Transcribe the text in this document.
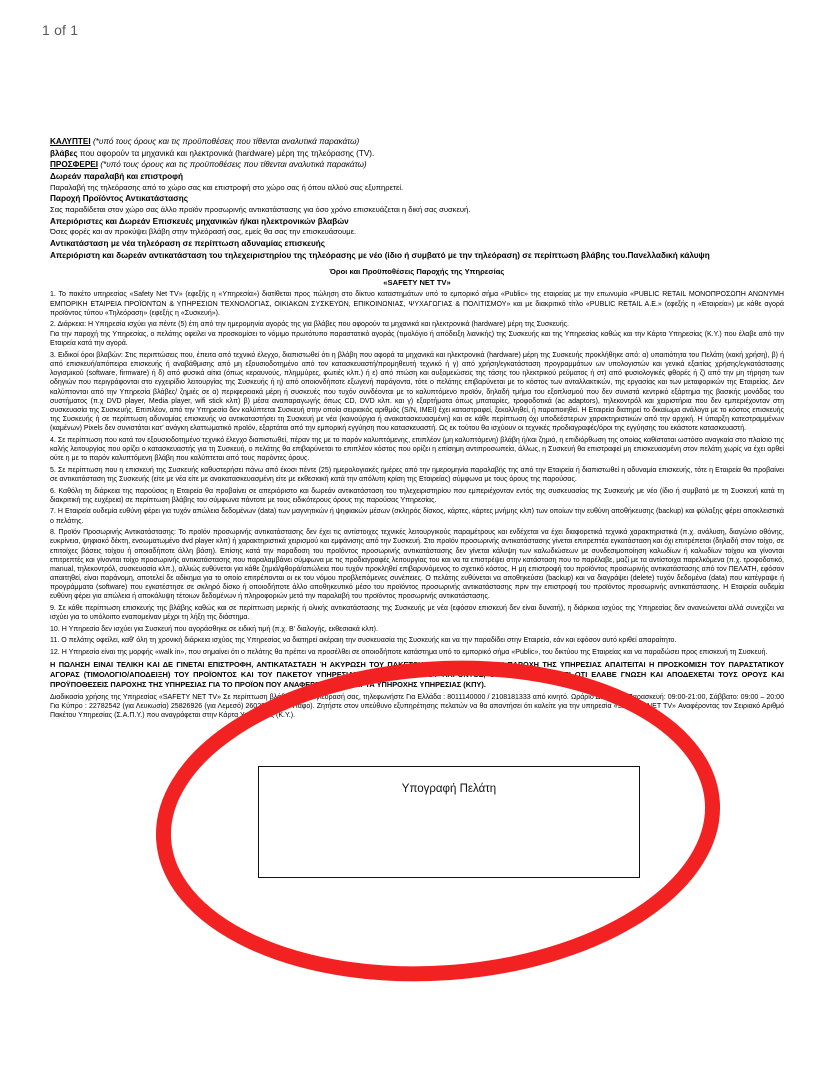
1 of 1
ΚΑΛΥΠΤΕΙ (*υπό τους όρους και τις προϋποθέσεις που τίθενται αναλυτικά παρακάτω)
βλάβες που αφορούν τα μηχανικά και ηλεκτρονικά (hardware) μέρη της τηλεόρασης (TV).
ΠΡΟΣΦΕΡΕΙ (*υπό τους όρους και τις προϋποθέσεις που τίθενται αναλυτικά παρακάτω)
Δωρεάν παραλαβή και επιστροφή
Παραλαβή της τηλεόρασης από το χώρο σας και επιστροφή στο χώρο σας ή όπου αλλού σας εξυπηρετεί.
Παροχή Προϊόντος Αντικατάστασης
Σας παραδίδεται στον χώρο σας άλλο προϊόν προσωρινής αντικατάστασης για όσο χρόνο επισκευάζεται η δική σας συσκευή.
Απεριόριστες και Δωρεάν Επισκευές μηχανικών ή/και ηλεκτρονικών βλαβών
Όσες φορές και αν προκύψει βλάβη στην τηλεόρασή σας, εμείς θα σας την επισκευάσουμε.
Αντικατάσταση με νέα τηλεόραση σε περίπτωση αδυναμίας επισκευής
Απεριόριστη και δωρεάν αντικατάσταση του τηλεχειριστηρίου της τηλεόρασης με νέο (ίδιο ή συμβατό με την τηλεόραση) σε περίπτωση βλάβης του.Πανελλαδική κάλυψη
Όροι και Προϋποθέσεις Παροχής της Υπηρεσίας
«SAFETY NET TV»
1. Το πακέτο υπηρεσίας «Safety Net TV» (εφεξής η «Υπηρεσία») διατίθεται προς πώληση στο δίκτυο καταστημάτων υπό το εμπορικό σήμα «Public» της εταιρείας με την επωνυμία «PUBLIC RETAIL ΜΟΝΟΠΡΟΣΩΠΗ ΑΝΩΝΥΜΗ ΕΜΠΟΡΙΚΗ ΕΤΑΙΡΕΙΑ ΠΡΟΪΟΝΤΩΝ & ΥΠΗΡΕΣΙΩΝ ΤΕΧΝΟΛΟΓΙΑΣ, ΟΙΚΙΑΚΩΝ ΣΥΣΚΕΥΩΝ, ΕΠΙΚΟΙΝΩΝΙΑΣ, ΨΥΧΑΓΩΓΙΑΣ & ΠΟΛΙΤΙΣΜΟΥ» και με διακριτικό τίτλο «PUBLIC RETAIL A.E.» (εφεξής η «Εταιρεία») με κάθε αγορά προϊόντος τύπου «Τηλεόραση» (εφεξής η «Συσκευή»).
2. Διάρκεια: Η Υπηρεσία ισχύει για πέντε (5) έτη από την ημερομηνία αγοράς της για βλάβες που αφορούν τα μηχανικά και ηλεκτρονικά (hardware) μέρη της Συσκευής.
Για την παροχή της Υπηρεσίας, ο πελάτης οφείλει να προσκομίσει το νόμιμο πρωτότυπο παραστατικό αγοράς (τιμολόγιο ή απόδειξη λιανικής) της Συσκευής και της Υπηρεσίας καθώς και την Κάρτα Υπηρεσίας (Κ.Υ.) που έλαβε από την Εταιρεία κατά την αγορά.
3. Ειδικοί όροι βλαβών: Στις περιπτώσεις που, έπειτα από τεχνικό έλεγχο, διαπιστωθεί ότι η βλάβη που αφορά τα μηχανικά και ηλεκτρονικά (hardware) μέρη της Συσκευής προκλήθηκε από: α) υπαιτιότητα του Πελάτη (κακή χρήση), β) ή από επισκευή/απόπειρα επισκευής ή αναβάθμισης από μη εξουσιοδοτημένο από τον κατασκευαστή/προμηθευτή τεχνικό ή γ) από χρήση/εγκατάσταση προγραμμάτων ων υπολογιστών και γενικά εξαιτίας χρήσης/εγκατάστασης λογισμικού (software, firmware) ή δ) από φυσικά αίτια (όπως κεραυνούς, πλημμύρες, φωτιές κλπ.) ή ε) από πτώση και αυξομειώσεις της τάσης του ηλεκτρικού ρεύματος ή στ) από φυσιολογικές φθορές ή ζ) από την μη τήρηση των οδηγιών που περιγράφονται στο εγχειρίδιο λειτουργίας της Συσκευής ή η) από οποιονδήποτε εξωγενή παράγοντα, τότε ο πελάτης επιβαρύνεται με το κόστος των ανταλλακτικών, της εργασίας και των μεταφορικών της Εταιρείας. Δεν καλύπτονται από την Υπηρεσία βλάβες/ ζημιές σε α) περιφερειακά μέρη ή συσκευές που τυχόν συνδέονται με το καλυπτόμενο προϊόν, δηλαδή τμήμα του εξοπλισμού που δεν συνιστά κεντρικό εξάρτημα της βασικής μονάδας του συστήματος (π.χ DVD player, Media player, wifi stick κλπ) β) μέσα αναπαραγωγής όπως CD, DVD κλπ. και γ) εξαρτήματα όπως μπαταρίες, τροφοδοτικά (ac adaptors), τηλεκοντρόλ και χειριστήρια που δεν εμπεριέχονταν στη συσκευασία της Συσκευής. Επιπλέον, από την Υπηρεσία δεν καλύπτεται Συσκευή στην οποία σειριακός αριθμός (S/N, IMEI) έχει καταστραφεί, ξεκολληθεί, ή παραποιηθεί. Η Εταιρεία διατηρεί το δικαίωμα ανάλογα με το κόστος επισκευής της Συσκευής ή σε περίπτωση αδυναμίας επισκευής να αντικαταστήσει τη Συσκευή με νέα (καινούργια ή ανακατασκευασμένη) και σε κάθε περίπτωση όχι υποδεέστερων χαρακτηριστικών από την αρχική. Η ύπαρξη κατεστραμμένων (καμένων) Pixels δεν συνιστάται κατ' ανάγκη ελαττωματικό προϊόν, εξαρτάται από την εμπορική εγγύηση που κατασκευαστή. Ως εκ τούτου θα ισχύουν οι τεχνικές προδιαγραφές/όροι της εγγύησης του εκάστοτε κατασκευαστή.
4. Σε περίπτωση που κατά τον εξουσιοδοτημένο τεχνικό έλεγχο διαπιστωθεί, πέραν της με το παρόν καλυπτόμενης, επιπλέον (μη καλυπτόμενη) βλάβη ή/και ζημιά, η επιδιόρθωση της οποίας καθίσταται ωστόσο αναγκαία στο πλαίσιο της καλής λειτουργίας που ορίζει ο κατασκευαστής για τη Συσκευή, ο πελάτης θα επιβαρύνεται το επιπλέον κόστος που ορίζει η επίσημη αντιπροσωπεία, άλλως, η Συσκευή θα επιστραφεί μη επισκευασμένη στον πελάτη χωρίς να έχει αρθεί ούτε η με το παρόν καλυπτόμενη βλάβη που καλύπτεται από τους παρόντες όρους.
5. Σε περίπτωση που η επισκευή της Συσκευής καθυστερήσει πάνω από έκοσι πέντε (25) ημερολογιακές ημέρες από την ημερομηνία παραλαβής της από την Εταιρεία ή διαπιστωθεί η αδυναμία επισκευής, τότε η Εταιρεία θα προβαίνει σε αντικατάσταση της Συσκευής (είτε με νέα είτε με ανακατασκευασμένη είτε με εκθεσιακή κατά την απόλυτη κρίση της Εταιρείας) σύμφωνα με τους όρους της παρούσας.
6. Καθόλη τη διάρκεια της παρούσας η Εταιρεία θα προβαίνει σε απεριόριστο και δωρεάν αντικατάσταση του τηλεχειριστηρίου που εμπεριέχονταν εντός της συσκευασίας της Συσκευής με νέο (ίδιο ή συμβατό με τη Συσκευή κατά τη διακριτική της ευχέρεια) σε περίπτωση βλάβης του σύμφωνα πάντοτε με τους ειδικότερους όρους της παρούσας Υπηρεσίας.
7. Η Εταιρεία ουδεμία ευθύνη φέρει για τυχόν απώλεια δεδομένων (data) των μαγνητικών ή ψηφιακών μέσων (σκληρός δίσκος, κάρτες, κάρτες μνήμης κλπ) των οποίων την ευθύνη αποθήκευσης (backup) και φύλαξης φέρει αποκλειστικά ο πελάτης.
8. Προϊόν Προσωρινής Αντικατάστασης: Το προϊόν προσωρινής αντικατάστασης δεν έχει τις αντίστοιχες τεχνικές λειτουργικούς παραμέτρους και ενδέχεται να έχει διαφορετικά τεχνικά χαρακτηριστικά (π.χ. ανάλυση, διαγώνιο οθόνης, ευκρίνεια, ψηφιακό δέκτη, ενσωματωμένο dvd player κλπ) ή χαρακτηριστικά χειρισμού και εμφάνισης από την Συσκευή. Στο προϊόν προσωρινής αντικατάστασης γίνεται επιτρεπτέα εγκατάσταση και όχι επιτρέπεται (δηλαδή στον τοίχο, σε επιτοίχες βάσεις τοίχου ή οποιαδήποτε άλλη βάση). Επίσης κατά την παραδοση του προϊόντος προσωρινής αντικατάστασης δεν γίνεται κάλυψη των καλωδιώσεων με συνδεσιμοποίηση καλωδίων ή καλωδίων τοίχου και γίνονται επιτρεπτές και γίνονται τοίχο προσωρινής αντικατάστασης που παραλαμβάνει σύμφωνα με τις προδιαγραφές λειτουργίας του και να τα επιστρέψει στην κατάσταση που το παρέλαβε, μαζί με τα αντίστοιχα παρελκόμενα (π.χ. τροφοδοτικό, manual, τηλεκοντρόλ, συσκευασία κλπ.), αλλιώς ευθύνεται για κάθε ζημιά/φθορά/απώλεια που τυχόν προκληθεί επιβαρυνόμενος το σχετικό κόστος. Η μη επιστροφή του προϊόντος προσωρινής αντικατάστασης από τον ΠΕΛΑΤΗ, εφόσον απαιτηθεί, είναι παράνομη, αποτελεί δε αδίκημα για το οποίο επιτρέπονται οι εκ του νόμου προβλεπόμενες συνέπειες. Ο πελάτης ευθύνεται να αποθηκεύσει (backup) και να διαγράψει (delete) τυχόν δεδομένα (data) που κατέγραψε ή προγράμματα (software) που εγκατέστησε σε σκληρό δίσκο ή οποιοδήποτε άλλο αποθηκευτικό μέσο του προϊόντος προσωρινής αντικατάστασης πριν την επιστροφή του προϊόντος προσωρινής αντικατάστασης. Η Εταιρεία ουδεμία ευθύνη φέρει για απώλεια ή αποκάλυψη τέτοιων δεδομένων ή πληροφοριών μετά την παραλαβή του προϊόντος προσωρινής αντικατάστασης.
9. Σε κάθε περίπτωση επισκευής της βλάβης καθώς και σε περίπτωση μερικής ή ολικής αντικατάστασης της Συσκευής με νέα (εφόσον επισκευή δεν είναι δυνατή), η διάρκεια ισχύος της Υπηρεσίας δεν ανανεώνεται αλλά συνεχίζει να ισχύει για το υπόλοιπο εναπομείναν μέχρι τη λήξη της διάστημα.
10. Η Υπηρεσία δεν ισχύει για Συσκευή που αγοράσθηκε σε ειδική τιμή (π.χ. Β' διαλογής, εκθεσιακά κλπ).
11. Ο πελάτης οφείλει, καθ' όλη τη χρονική διάρκεια ισχύος της Υπηρεσίας να διατηρεί ακέραιη την συσκευασία της Συσκευής και να την παραδίδει στην Εταιρεία, εάν και εφόσον αυτό κριθεί απαραίτητο.
12. Η Υπηρεσία είναι της μορφής «walk in», που σημαίνει ότι ο πελάτης θα πρέπει να προσέλθει σε οποιοδήποτε κατάστημα υπό το εμπορικό σήμα «Public», του δικτύου της Εταιρείας και να παραδώσει προς επισκευή τη Συσκευή.
Η ΠΩΛΗΣΗ ΕΙΝΑΙ ΤΕΛΙΚΗ ΚΑΙ ΔΕ ΓΙΝΕΤΑΙ ΕΠΙΣΤΡΟΦΗ, ΑΝΤΙΚΑΤΑΣΤΑΣΗ Ή ΑΚΥΡΩΣΗ ΤΟΥ ΠΑΚΕΤΟΥ ΥΠΗΡΕΣΙΑΣ. ΓΙΑ ΤΗΝ ΠΑΡΟΧΗ ΤΗΣ ΥΠΗΡΕΣΙΑΣ ΑΠΑΙΤΕΙΤΑΙ Η ΠΡΟΣΚΟΜΙΣΗ ΤΟΥ ΠΑΡΑΣΤΑΤΙΚΟΥ ΑΓΟΡΑΣ (ΤΙΜΟΛΟΓΙΟ/ΑΠΟΔΕΙΞΗ) ΤΟΥ ΠΡΟΪΟΝΤΟΣ ΚΑΙ ΤΟΥ ΠΑΚΕΤΟΥ ΥΠΗΡΕΣΙΑΣ.ΜΕ ΤΗΝ ΑΓΟΡΑ ΤΟΥ ΠΑΡΟΝΤΟΣ, Ο ΠΕΛΑΤΗΣ ΔΗΛΩΝΕΙ ΟΤΙ ΕΛΑΒΕ ΓΝΩΣΗ ΚΑΙ ΑΠΟΔΕΧΕΤΑΙ ΤΟΥΣ ΟΡΟΥΣ ΚΑΙ ΠΡΟΫΠΟΘΕΣΕΙΣ ΠΑΡΟΧΗΣ ΤΗΣ ΥΠΗΡΕΣΙΑΣ ΓΙΑ ΤΟ ΠΡΟΪΟΝ ΠΟΥ ΑΝΑΦΕΡΕΤΑΙ ΣΤΗ ΚΑΡΤΑ ΥΠΗΡΟΧΗΣ ΥΠΗΡΕΣΙΑΣ (ΚΠΥ).
Διαδικασία χρήσης της Υπηρεσίας «SAFETY NET TV» Σε περίπτωση βλάβης στην τηλεόρασή σας, τηλεφωνήστε Για Ελλάδα : 8011140000 / 2108181333 από κινητό. Ωράριο Δευτέρα - Παρασκευή: 09:00-21:00, Σάββατο: 09:00 – 20:00 Για Κύπρο : 22782542 (για Λευκωσία) 25826926 (για Λεμεσό) 26023030 (για Πάφο). Ζητήστε στον υπεύθυνο εξυπηρέτησης πελατών να θα απαντήσει ότι καλείτε για την υπηρεσία «SAFETY NET TV» Αναφέροντας τον Σειριακό Αριθμό Πακέτου Υπηρεσίας (Σ.Α.Π.Υ.) που αναγράφεται στην Κάρτα Υπηρεσίας (Κ.Υ.).
Υπογραφή Πελάτη
